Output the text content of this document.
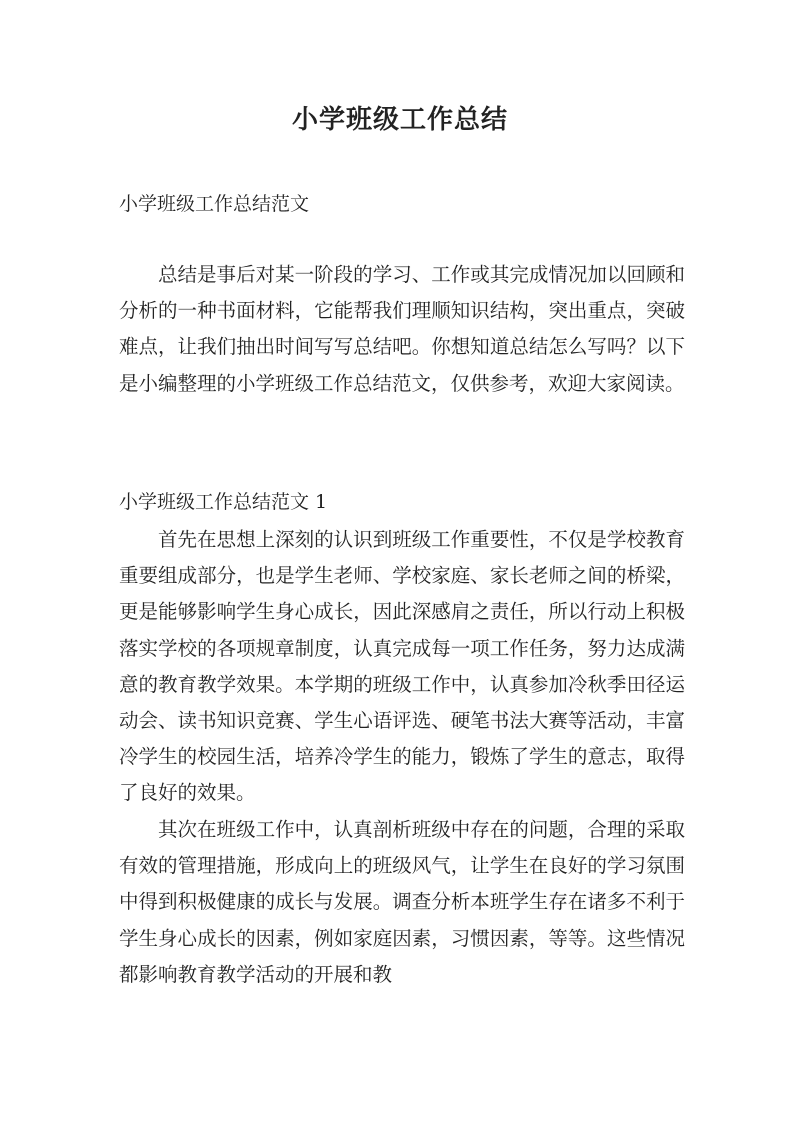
小学班级工作总结

小学班级工作总结范文

总结是事后对某一阶段的学习、工作或其完成情况加以回顾和分析的一种书面材料，它能帮我们理顺知识结构，突出重点，突破难点，让我们抽出时间写写总结吧。你想知道总结怎么写吗？以下是小编整理的小学班级工作总结范文，仅供参考，欢迎大家阅读。

小学班级工作总结范文 1

首先在思想上深刻的认识到班级工作重要性，不仅是学校教育重要组成部分，也是学生老师、学校家庭、家长老师之间的桥梁，更是能够影响学生身心成长，因此深感肩之责任，所以行动上积极落实学校的各项规章制度，认真完成每一项工作任务，努力达成满意的教育教学效果。本学期的班级工作中，认真参加冷秋季田径运动会、读书知识竞赛、学生心语评选、硬笔书法大赛等活动，丰富冷学生的校园生活，培养冷学生的能力，锻炼了学生的意志，取得了良好的效果。

其次在班级工作中，认真剖析班级中存在的问题，合理的采取有效的管理措施，形成向上的班级风气，让学生在良好的学习氛围中得到积极健康的成长与发展。调查分析本班学生存在诸多不利于学生身心成长的因素，例如家庭因素，习惯因素，等等。这些情况都影响教育教学活动的开展和教
